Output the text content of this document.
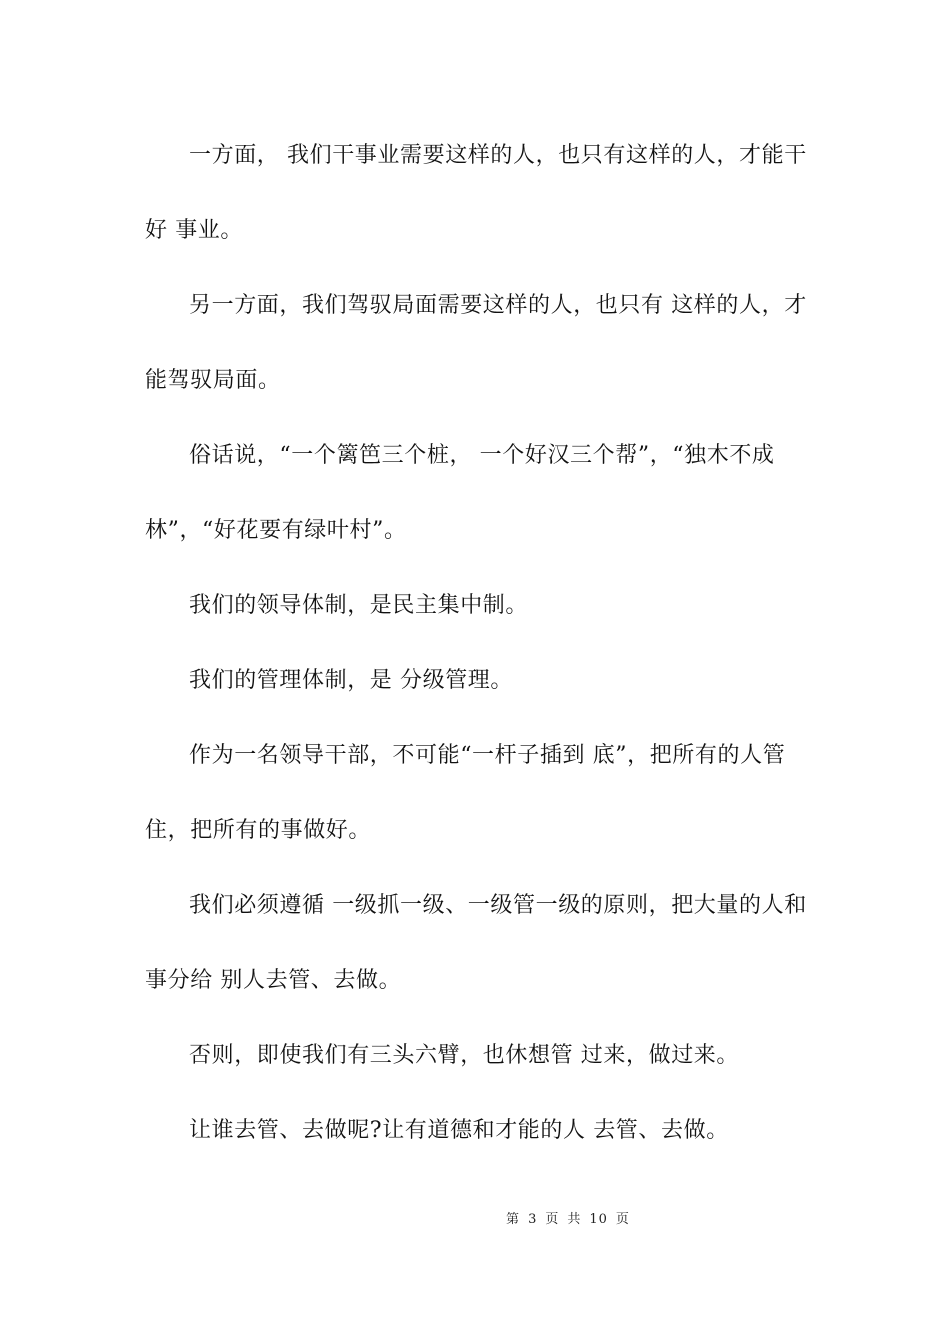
一方面， 我们干事业需要这样的人，也只有这样的人，才能干
好 事业。

另一方面，我们驾驭局面需要这样的人，也只有 这样的人，才
能驾驭局面。

俗话说，“一个篱笆三个桩， 一个好汉三个帮”，“独木不成
林”，“好花要有绿叶村”。

我们的领导体制，是民主集中制。

我们的管理体制，是 分级管理。

作为一名领导干部，不可能“一杆子插到 底”，把所有的人管
住，把所有的事做好。

我们必须遵循 一级抓一级、一级管一级的原则，把大量的人和
事分给 别人去管、去做。

否则，即使我们有三头六臂，也休想管 过来，做过来。

让谁去管、去做呢?让有道德和才能的人 去管、去做。

第 3 页 共 10 页
